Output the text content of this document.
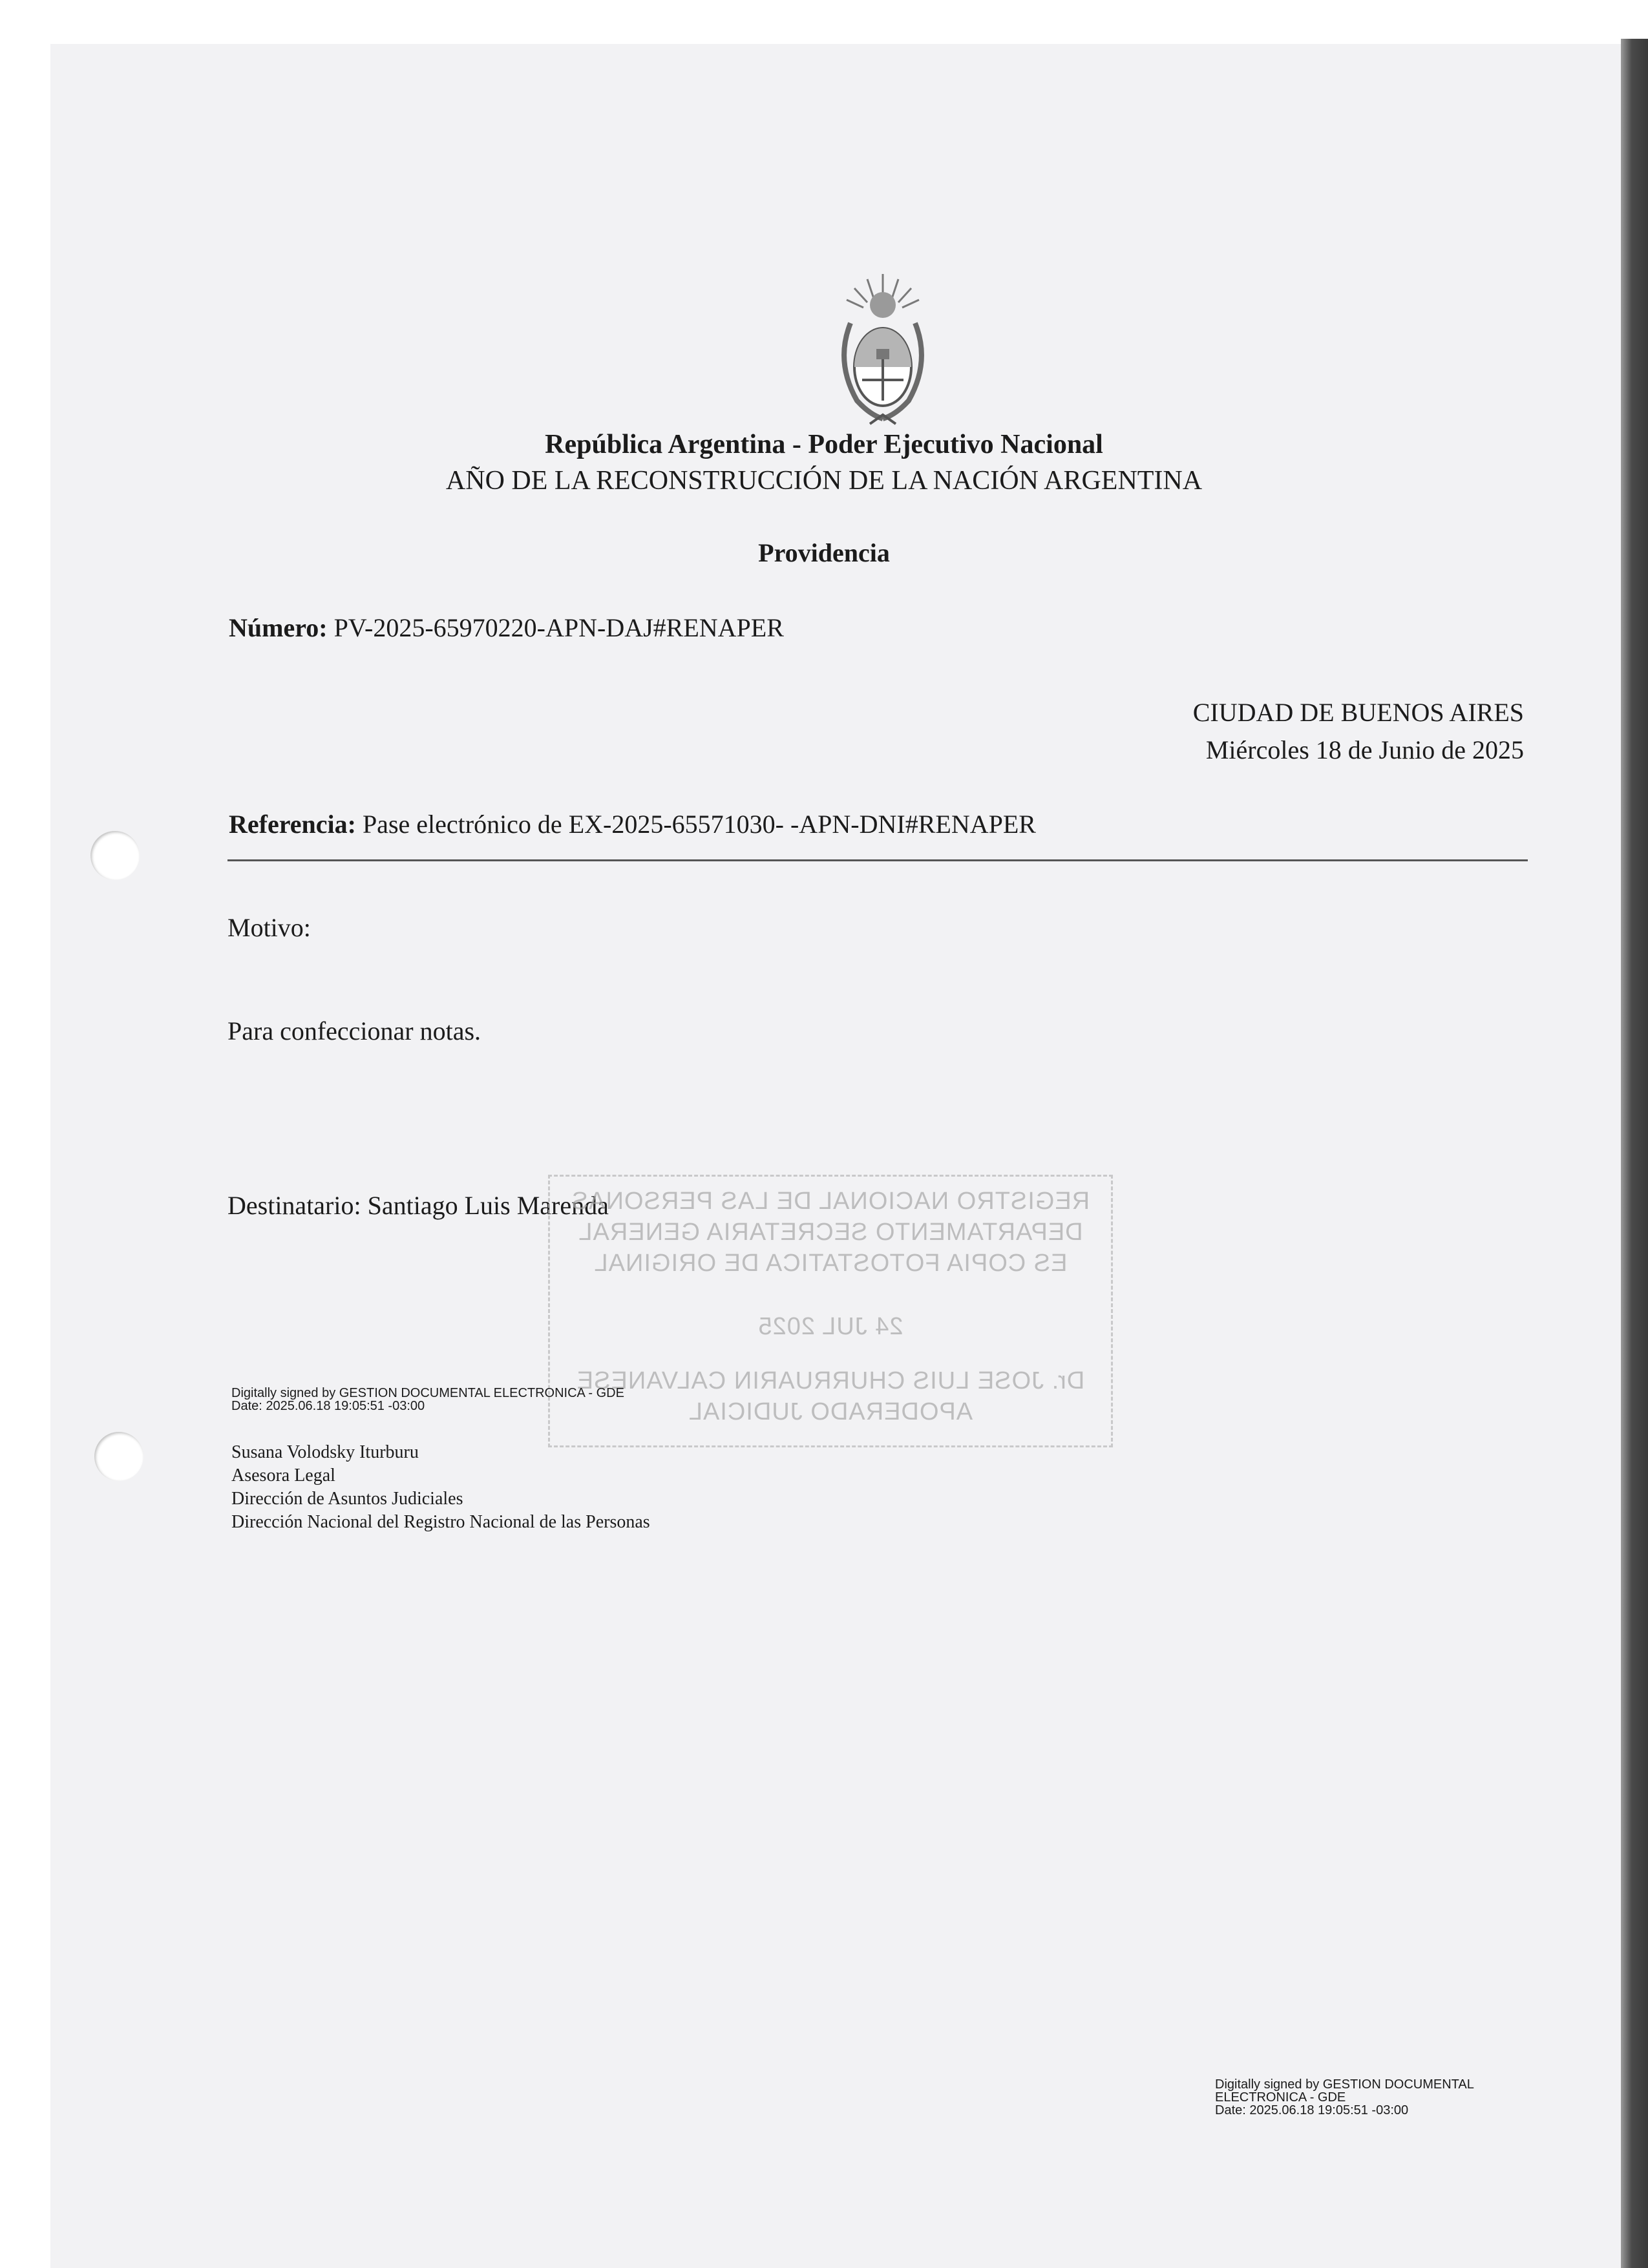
República Argentina - Poder Ejecutivo Nacional
AÑO DE LA RECONSTRUCCIÓN DE LA NACIÓN ARGENTINA
Providencia
Número: PV-2025-65970220-APN-DAJ#RENAPER
CIUDAD DE BUENOS AIRES
Miércoles 18 de Junio de 2025
Referencia: Pase electrónico de EX-2025-65571030- -APN-DNI#RENAPER
Motivo:
Para confeccionar notas.
Destinatario: Santiago Luis Marenda
REGISTRO NACIONAL DE LAS PERSONAS
DEPARTAMENTO SECRETARIA GENERAL
ES COPIA FOTOSTATICA DE ORIGINAL
24 JUL 2025
Dr. JOSE LUIS CHURRUARIN CALVANESE
APODERADO JUDICIAL
Digitally signed by GESTION DOCUMENTAL ELECTRONICA - GDE
Date: 2025.06.18 19:05:51 -03:00
Susana Volodsky Iturburu
Asesora Legal
Dirección de Asuntos Judiciales
Dirección Nacional del Registro Nacional de las Personas
Digitally signed by GESTION DOCUMENTAL
ELECTRONICA - GDE
Date: 2025.06.18 19:05:51 -03:00
